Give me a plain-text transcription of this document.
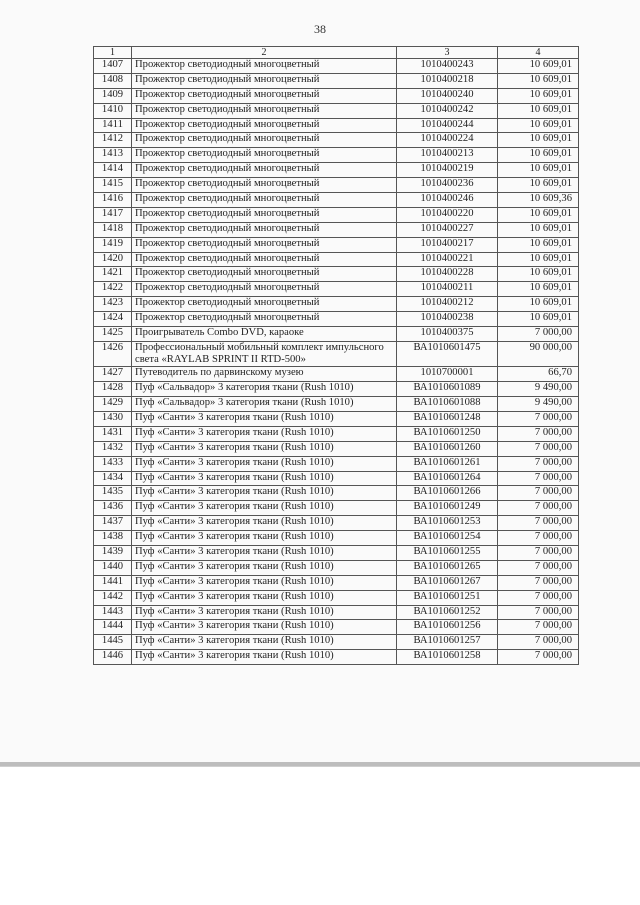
38
1	2	3	4
1407	Прожектор светодиодный многоцветный	1010400243	10 609,01
1408	Прожектор светодиодный многоцветный	1010400218	10 609,01
1409	Прожектор светодиодный многоцветный	1010400240	10 609,01
1410	Прожектор светодиодный многоцветный	1010400242	10 609,01
1411	Прожектор светодиодный многоцветный	1010400244	10 609,01
1412	Прожектор светодиодный многоцветный	1010400224	10 609,01
1413	Прожектор светодиодный многоцветный	1010400213	10 609,01
1414	Прожектор светодиодный многоцветный	1010400219	10 609,01
1415	Прожектор светодиодный многоцветный	1010400236	10 609,01
1416	Прожектор светодиодный многоцветный	1010400246	10 609,36
1417	Прожектор светодиодный многоцветный	1010400220	10 609,01
1418	Прожектор светодиодный многоцветный	1010400227	10 609,01
1419	Прожектор светодиодный многоцветный	1010400217	10 609,01
1420	Прожектор светодиодный многоцветный	1010400221	10 609,01
1421	Прожектор светодиодный многоцветный	1010400228	10 609,01
1422	Прожектор светодиодный многоцветный	1010400211	10 609,01
1423	Прожектор светодиодный многоцветный	1010400212	10 609,01
1424	Прожектор светодиодный многоцветный	1010400238	10 609,01
1425	Проигрыватель Combo DVD, караоке	1010400375	7 000,00
1426	Профессиональный мобильный комплект импульсного света «RAYLAB SPRINT II RTD-500»	ВА1010601475	90 000,00
1427	Путеводитель по дарвинскому музею	1010700001	66,70
1428	Пуф «Сальвадор» 3 категория ткани (Rush 1010)	ВА1010601089	9 490,00
1429	Пуф «Сальвадор» 3 категория ткани (Rush 1010)	ВА1010601088	9 490,00
1430	Пуф «Санти» 3 категория ткани (Rush 1010)	ВА1010601248	7 000,00
1431	Пуф «Санти» 3 категория ткани (Rush 1010)	ВА1010601250	7 000,00
1432	Пуф «Санти» 3 категория ткани (Rush 1010)	ВА1010601260	7 000,00
1433	Пуф «Санти» 3 категория ткани (Rush 1010)	ВА1010601261	7 000,00
1434	Пуф «Санти» 3 категория ткани (Rush 1010)	ВА1010601264	7 000,00
1435	Пуф «Санти» 3 категория ткани (Rush 1010)	ВА1010601266	7 000,00
1436	Пуф «Санти» 3 категория ткани (Rush 1010)	ВА1010601249	7 000,00
1437	Пуф «Санти» 3 категория ткани (Rush 1010)	ВА1010601253	7 000,00
1438	Пуф «Санти» 3 категория ткани (Rush 1010)	ВА1010601254	7 000,00
1439	Пуф «Санти» 3 категория ткани (Rush 1010)	ВА1010601255	7 000,00
1440	Пуф «Санти» 3 категория ткани (Rush 1010)	ВА1010601265	7 000,00
1441	Пуф «Санти» 3 категория ткани (Rush 1010)	ВА1010601267	7 000,00
1442	Пуф «Санти» 3 категория ткани (Rush 1010)	ВА1010601251	7 000,00
1443	Пуф «Санти» 3 категория ткани (Rush 1010)	ВА1010601252	7 000,00
1444	Пуф «Санти» 3 категория ткани (Rush 1010)	ВА1010601256	7 000,00
1445	Пуф «Санти» 3 категория ткани (Rush 1010)	ВА1010601257	7 000,00
1446	Пуф «Санти» 3 категория ткани (Rush 1010)	ВА1010601258	7 000,00
